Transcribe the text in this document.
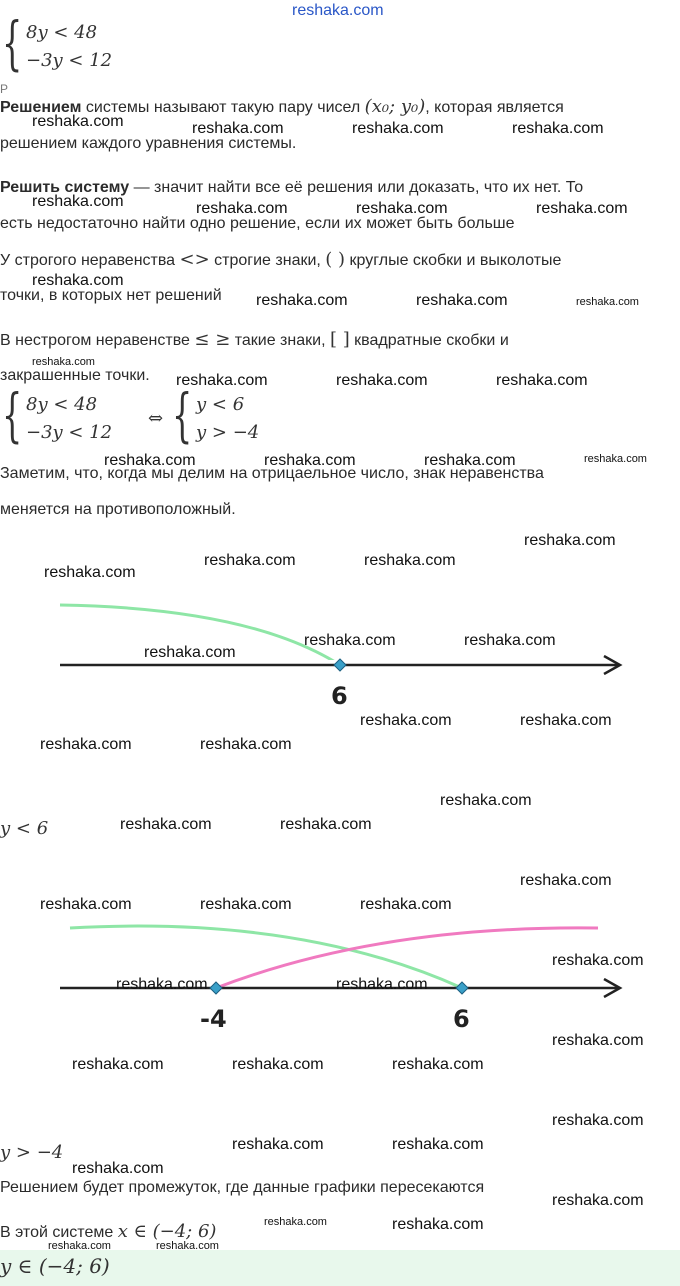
reshaka.com
{ 8y < 48
−3y < 12
Р
Решением системы называют такую пару чисел (x₀; y₀), которая является
решением каждого уравнения системы.
Решить систему — значит найти все её решения или доказать, что их нет. То
есть недостаточно найти одно решение, если их может быть больше
У строгого неравенства <> строгие знаки, ( ) круглые скобки и выколотые
точки, в которых нет решений
В нестрогом неравенстве ≤ ≥ такие знаки, [ ] квадратные скобки и
закрашенные точки.
{ 8y < 48
−3y < 12
⇔ { y < 6
y > −4
Заметим, что, когда мы делим на отрицаельное число, знак неравенства
меняется на противоположный.
6
y < 6
-4	6
y > −4
Решением будет промежуток, где данные графики пересекаются
В этой системе x ∈ (−4; 6)
y ∈ (−4; 6)
reshaka.com	reshaka.com	reshaka.com	reshaka.com
reshaka.com	reshaka.com	reshaka.com	reshaka.com
reshaka.com
reshaka.com	reshaka.com	reshaka.com
reshaka.com
reshaka.com	reshaka.com	reshaka.com
reshaka.com	reshaka.com	reshaka.com	reshaka.com
reshaka.com
reshaka.com	reshaka.com
reshaka.com
reshaka.com	reshaka.com
reshaka.com
reshaka.com	reshaka.com
reshaka.com	reshaka.com
reshaka.com
reshaka.com	reshaka.com
reshaka.com
reshaka.com	reshaka.com	reshaka.com
reshaka.com
reshaka.com	reshaka.com
reshaka.com
reshaka.com	reshaka.com	reshaka.com
reshaka.com
reshaka.com	reshaka.com
reshaka.com
reshaka.com
reshaka.com	reshaka.com
reshaka.com	reshaka.com
